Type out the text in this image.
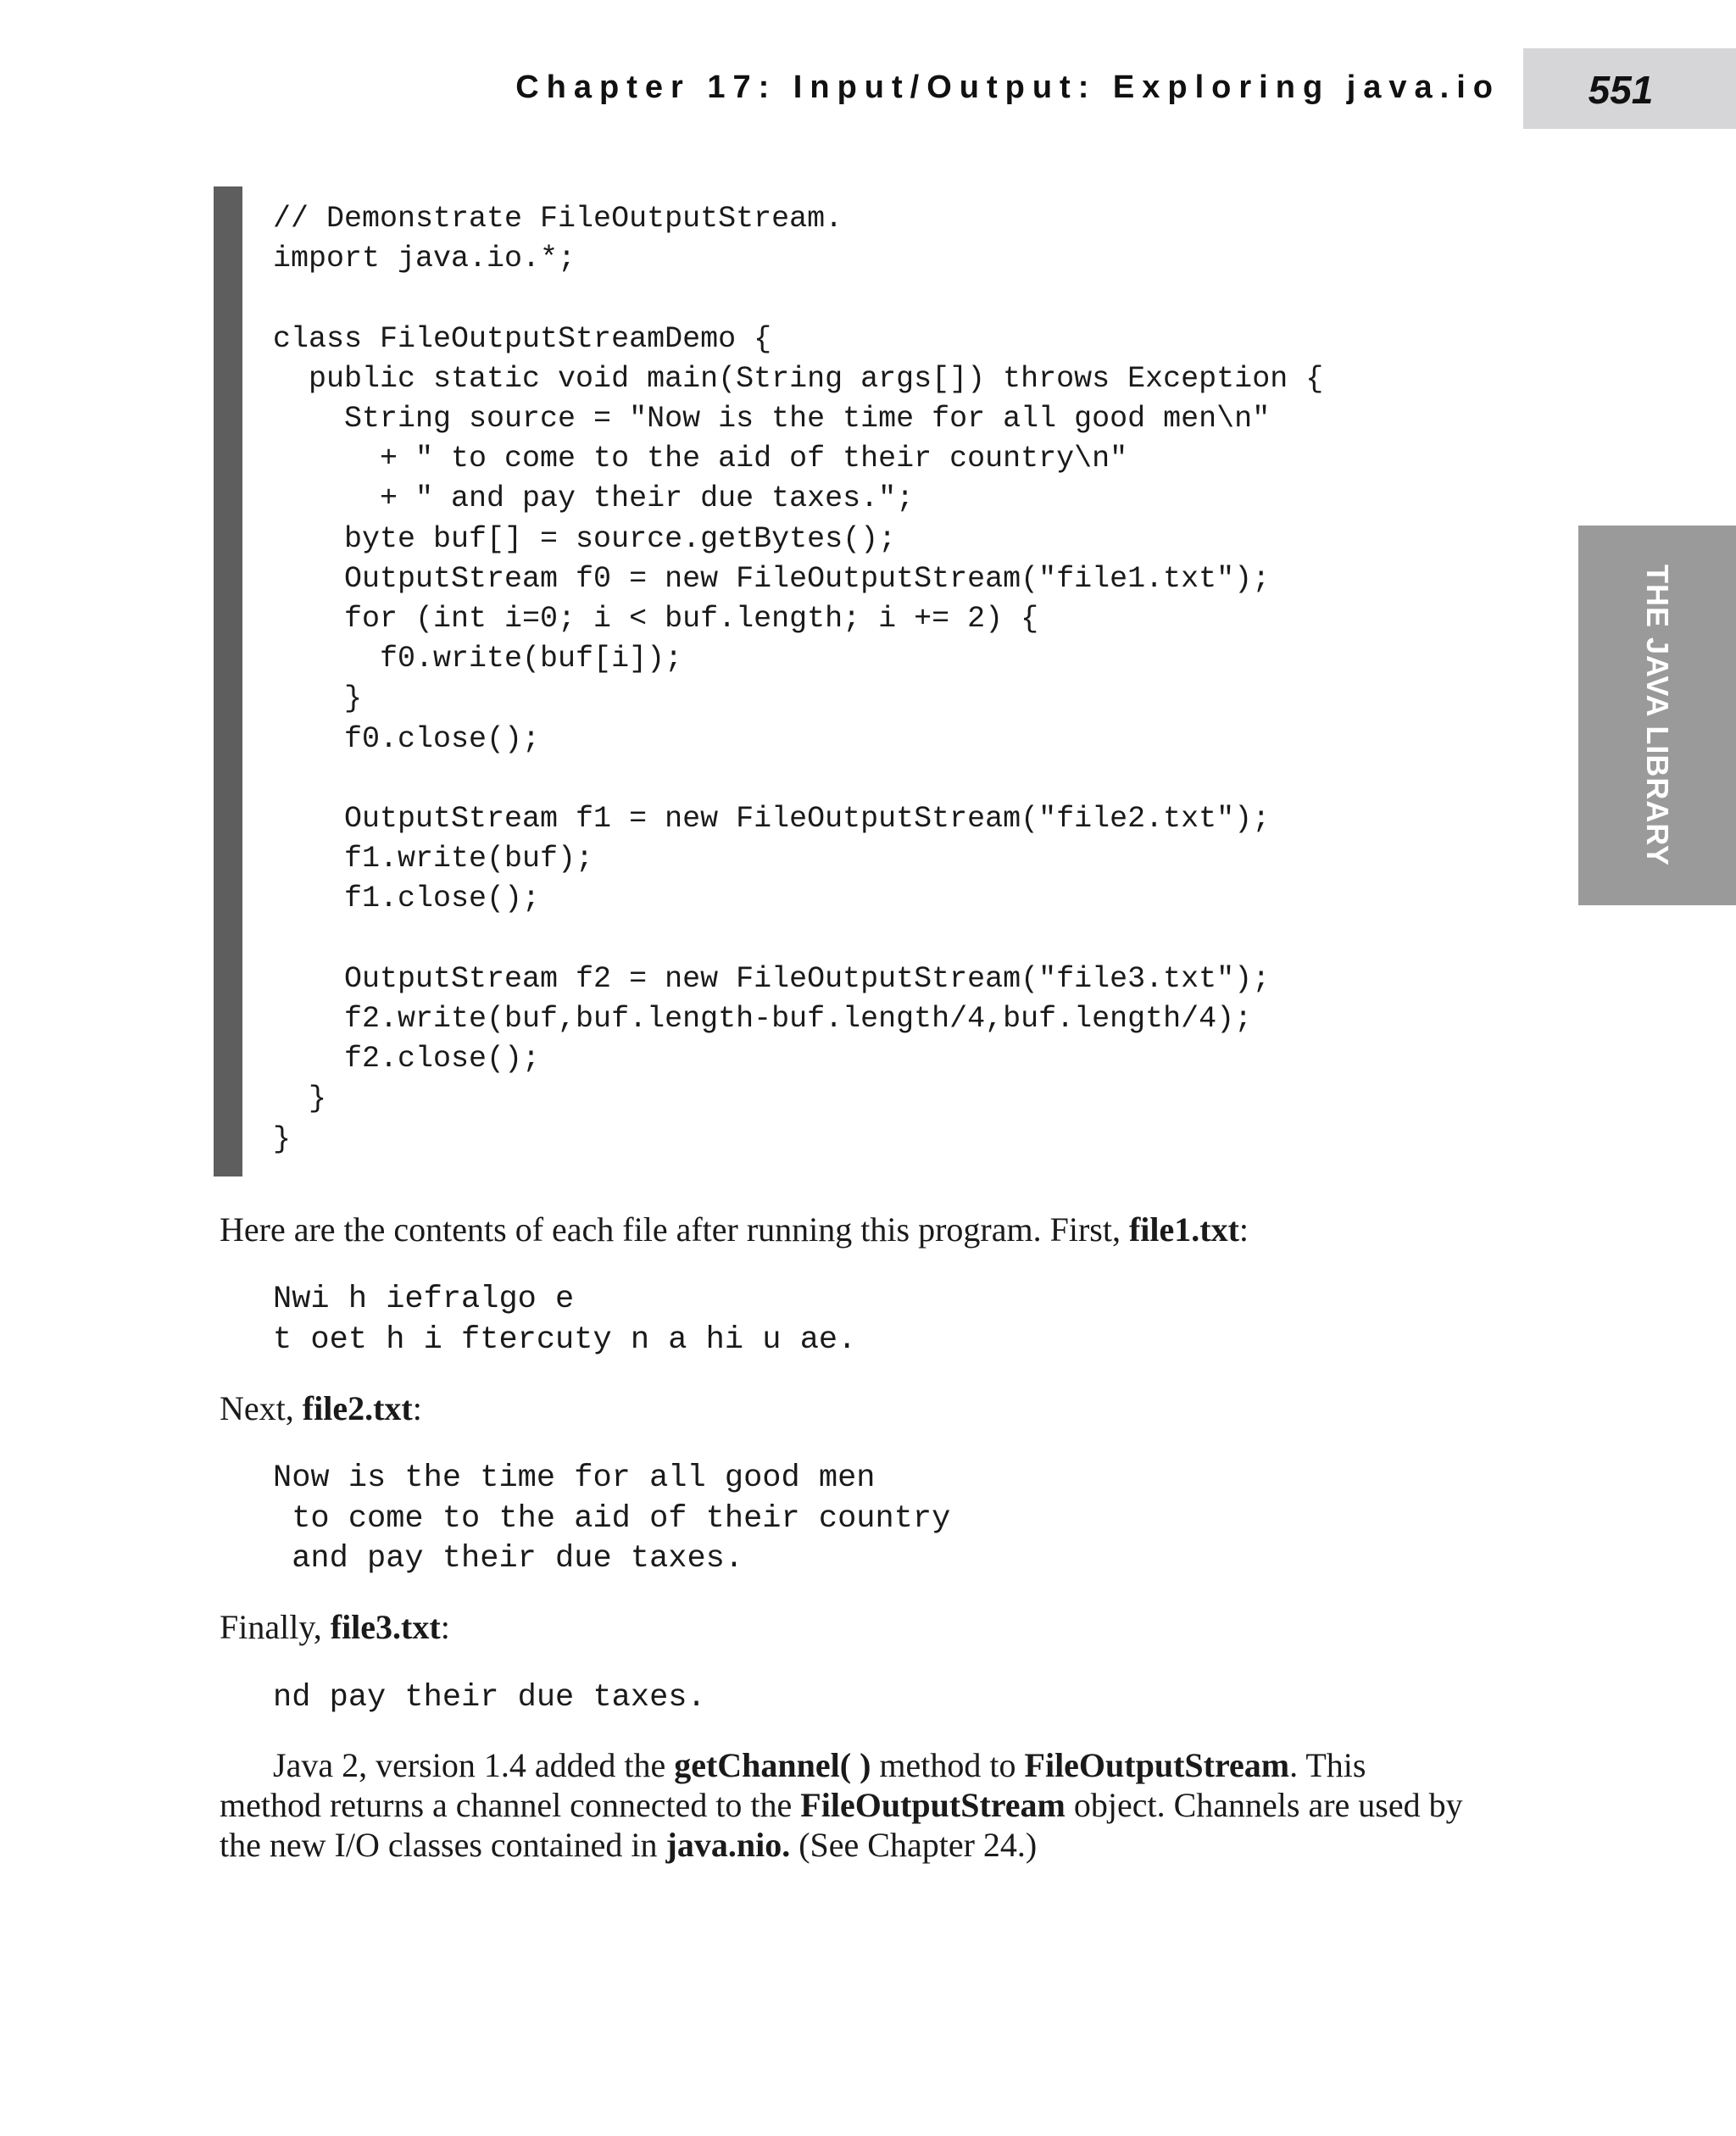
Chapter 17: Input/Output: Exploring java.io	551
THE JAVA LIBRARY
// Demonstrate FileOutputStream.
import java.io.*;

class FileOutputStreamDemo {
public static void main(String args[]) throws Exception {
String source = "Now is the time for all good men\n"
+ " to come to the aid of their country\n"
+ " and pay their due taxes.";
byte buf[] = source.getBytes();
OutputStream f0 = new FileOutputStream("file1.txt");
for (int i=0; i < buf.length; i += 2) {
f0.write(buf[i]);
}
f0.close();

OutputStream f1 = new FileOutputStream("file2.txt");
f1.write(buf);
f1.close();

OutputStream f2 = new FileOutputStream("file3.txt");
f2.write(buf,buf.length-buf.length/4,buf.length/4);
f2.close();
}
}

Here are the contents of each file after running this program. First, file1.txt:

Nwi h iefralgo e
t oet h i ftercuty n a hi u ae.

Next, file2.txt:

Now is the time for all good men
to come to the aid of their country
and pay their due taxes.

Finally, file3.txt:

nd pay their due taxes.

Java 2, version 1.4 added the getChannel( ) method to FileOutputStream. This method returns a channel connected to the FileOutputStream object. Channels are used by the new I/O classes contained in java.nio. (See Chapter 24.)
